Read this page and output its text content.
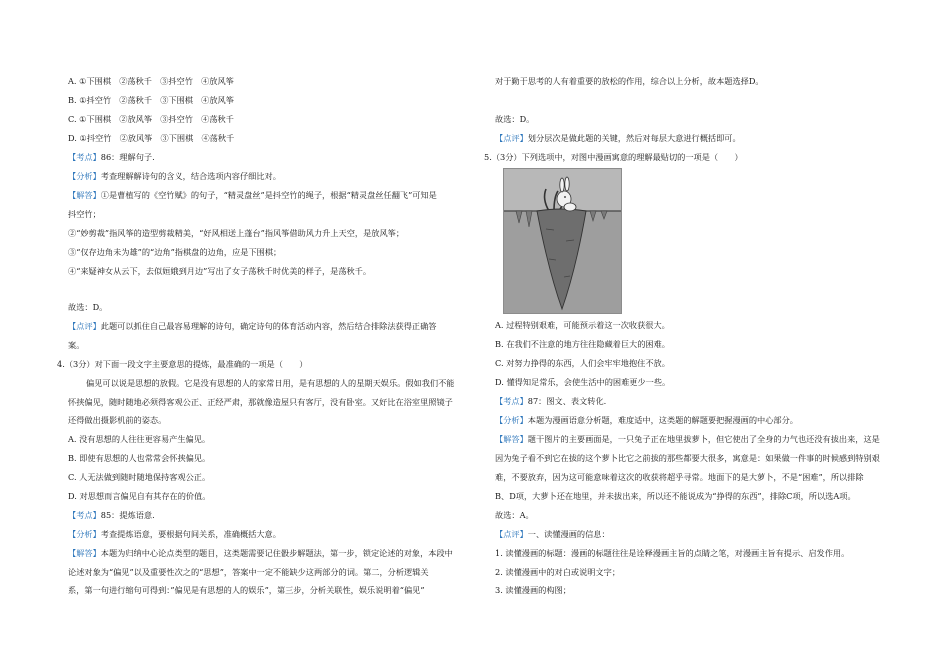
A. ①下围棋　②荡秋千　③抖空竹　④放风筝
B. ①抖空竹　②荡秋千　③下围棋　④放风筝
C. ①下围棋　②放风筝　③抖空竹　④荡秋千
D. ①抖空竹　②放风筝　③下围棋　④荡秋千
【考点】86：理解句子.
【分析】考查理解解诗句的含义，结合选项内容仔细比对。
【解答】①是曹植写的《空竹赋》的句子，“精灵盘丝”是抖空竹的绳子，根据“精灵盘丝任翻飞”可知是
抖空竹；
②“妙剪裁”指风筝的造型剪裁精美，“好风相送上蓬台”指风筝借助风力升上天空，是放风筝；
③“仅存边角未为雄”的“边角”指棋盘的边角，应是下围棋；
④“来疑神女从云下，去似姮娥到月边”写出了女子荡秋千时优美的样子，是荡秋千。
故选：D。
【点评】此题可以抓住自己最容易理解的诗句，确定诗句的体育活动内容，然后结合排除法获得正确答
案。
4.（3分）对下面一段文字主要意思的提炼，最准确的一项是（　　）
偏见可以说是思想的放假。它是没有思想的人的家常日用，是有思想的人的星期天娱乐。假如我们不能
怀挟偏见，随时随地必须得客观公正、正经严肃，那就像造屋只有客厅，没有卧室。又好比在浴室里照镜子
还得做出摄影机前的姿态。
A. 没有思想的人往往更容易产生偏见。
B. 即使有思想的人也常常会怀挟偏见。
C. 人无法做到随时随地保持客观公正。
D. 对思想而言偏见自有其存在的价值。
【考点】85：提炼语意.
【分析】考查提炼语意，要根据句间关系，准确概括大意。
【解答】本题为归纳中心论点类型的题目，这类题需要记住骰步解题法，第一步，锁定论述的对象，本段中
论述对象为“偏见”以及重要性次之的“思想”，答案中一定不能缺少这两部分的词。第二，分析逻辑关
系，第一句进行缩句可得到：”偏见是有思想的人的娱乐”，第三步，分析关联性，娱乐说明着“偏见”
对于勤于思考的人有着重要的放松的作用，综合以上分析，故本题选择D。
故选：D。
【点评】划分层次是做此题的关键，然后对每层大意进行概括即可。
5.（3分）下列选项中，对图中漫画寓意的理解最贴切的一项是（　　）
A. 过程特别艰难，可能预示着这一次收获很大。
B. 在我们不注意的地方往往隐藏着巨大的困难。
C. 对努力挣得的东西，人们会牢牢地抱住不放。
D. 懂得知足常乐，会使生活中的困难更少一些。
【考点】87：图文、表文转化.
【分析】本题为漫画语意分析题，难度适中，这类题的解题要把握漫画的中心部分。
【解答】题干图片的主要画面是，一只兔子正在地里拔萝卜，但它使出了全身的力气也还没有拔出来，这是
因为兔子看不到它在拔的这个萝卜比它之前拔的那些都要大很多，寓意是：如果做一件事的时候感到特别艰
难，不要放弃，因为这可能意味着这次的收获将超乎寻常。地面下的是大萝卜，不是“困难”，所以排除
B、D项，大萝卜还在地里，并未拔出来，所以还不能说成为“挣得的东西”，排除C项，所以选A项。
故选：A。
【点评】一、读懂漫画的信息：
1. 读懂漫画的标题：漫画的标题往往是诠释漫画主旨的点睛之笔，对漫画主旨有提示、启发作用。
2. 读懂漫画中的对白或说明文字；
3. 读懂漫画的构图；
